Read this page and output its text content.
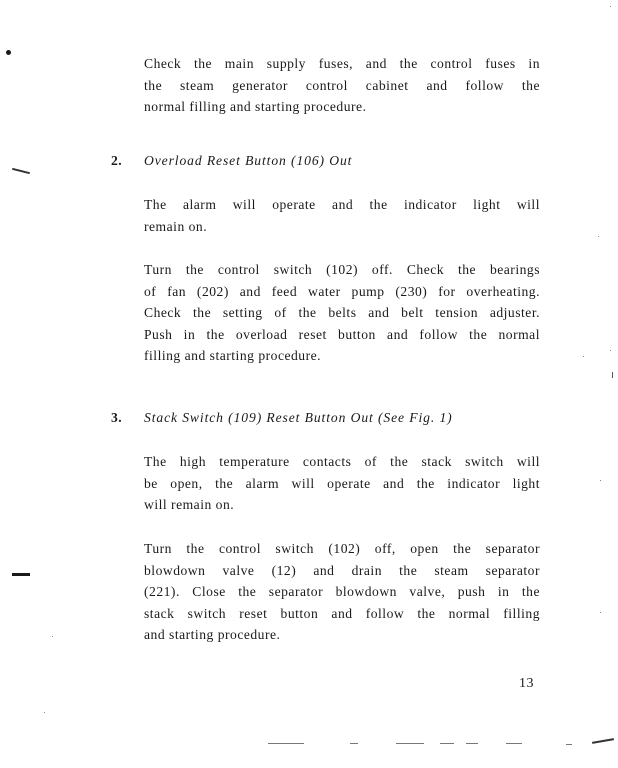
Check the main supply fuses, and the control fuses in
the steam generator control cabinet and follow the
normal filling and starting procedure.
2. Overload Reset Button (106) Out
The alarm will operate and the indicator light will
remain on.
Turn the control switch (102) off. Check the bearings
of fan (202) and feed water pump (230) for overheating.
Check the setting of the belts and belt tension adjuster.
Push in the overload reset button and follow the normal
filling and starting procedure.
3. Stack Switch (109) Reset Button Out (See Fig. 1)
The high temperature contacts of the stack switch will
be open, the alarm will operate and the indicator light
will remain on.
Turn the control switch (102) off, open the separator
blowdown valve (12) and drain the steam separator
(221). Close the separator blowdown valve, push in the
stack switch reset button and follow the normal filling
and starting procedure.
13
